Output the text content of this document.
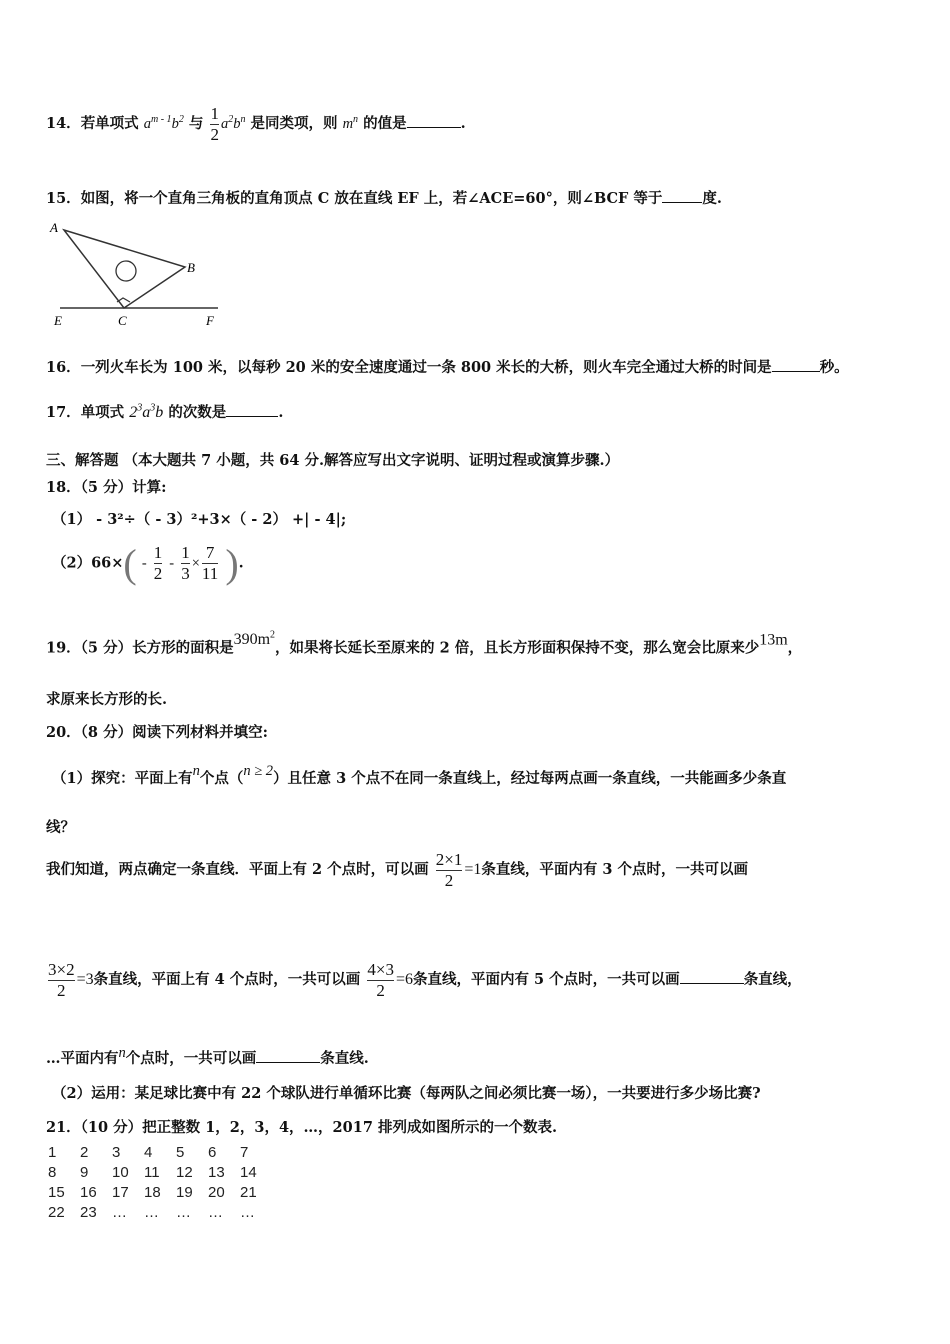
14．若单项式 $a^{m - 1}b^2$ 与 $\frac{1}{2} a^2b^n$ 是同类项，则 $m^n$ 的值是	.
15．如图，将一个直角三角板的直角顶点 C 放在直线 EF 上，若∠ACE=60°，则∠BCF 等于	度.
A
B
C
E	F
16．一列火车长为 100 米，以每秒 20 米的安全速度通过一条 800 米长的大桥，则火车完全通过大桥的时间是	秒。
17．单项式 $2^3a^3b$ 的次数是	.
三、解答题 （本大题共 7 小题，共 64 分.解答应写出文字说明、证明过程或演算步骤.）
18．（5 分）计算:
（1） - 3²÷（ - 3）²+3×（ - 2） +| - 4|;
$(2)66\times( - \frac{1}{2} - \frac{1}{3} \times \frac{7}{11}$ ).
19．（5 分）长方形的面积是$390m^2$，如果将长延长至原来的 2 倍，且长方形面积保持不变，那么宽会比原来少13m，
求原来长方形的长.
20．（8 分）阅读下列材料并填空:
（1）探究：平面上有n个点（n ≥ 2）且任意 3 个点不在同一条直线上，经过每两点画一条直线，一共能画多少条直
线？
我们知道，两点确定一条直线．平面上有 2 个点时，可以画 $\frac{2\times 1}{2} =1$条直线，平面内有 3 个点时，一共可以画
$\frac{3\times 2}{2} =3$条直线，平面上有 4 个点时，一共可以画 $\frac{4\times 3}{2} =6$条直线，平面内有 5 个点时，一共可以画	条直线，
…平面内有n个点时，一共可以画	条直线.
（2）运用：某足球比赛中有 22 个球队进行单循环比赛（每两队之间必须比赛一场），一共要进行多少场比赛?
21．（10 分）把正整数 1，2，3，4，…，2017 排列成如图所示的一个数表.
1	2	3	4	5	6	7
8	9	10	11	12	13	14
15	16	17	18	19	20	21
22	23	…	…	…	…	…
